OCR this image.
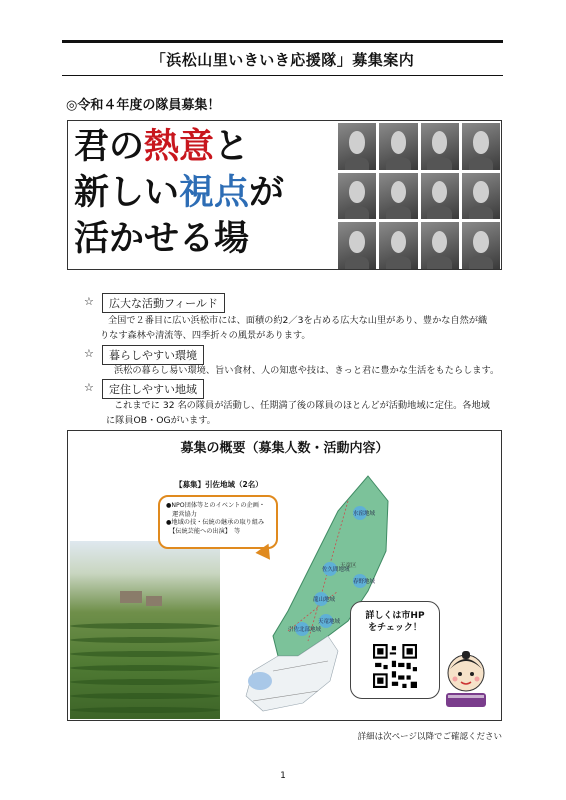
「浜松山里いきいき応援隊」募集案内
◎令和４年度の隊員募集！
君の熱意と
新しい視点が
活かせる場
☆	広大な活動フィールド
全国で２番目に広い浜松市には、面積の約2／3を占める広大な山里があり、豊かな自然が織
りなす森林や清流等、四季折々の風景があります。
☆	暮らしやすい環境
浜松の暮らし易い環境、旨い食材、人の知恵や技は、きっと君に豊かな生活をもたらします。
☆	定住しやすい地域
これまでに 32 名の隊員が活動し、任期満了後の隊員のほとんどが活動地域に定住。各地域
に隊員OB・OGがいます。
募集の概要（募集人数・活動内容）
【募集】引佐地域（2名）
●NPO団体等とのイベントの企画・
　運営協力
●地域の技・伝統の継承の取り組み
　【伝統芸能への出演】　等
水窪地域
佐久間地域
春野地域
天竜区
龍山地域
天竜地域
引佐北部地域
詳しくは市HP
をチェック！
詳細は次ページ以降でご確認ください
1
